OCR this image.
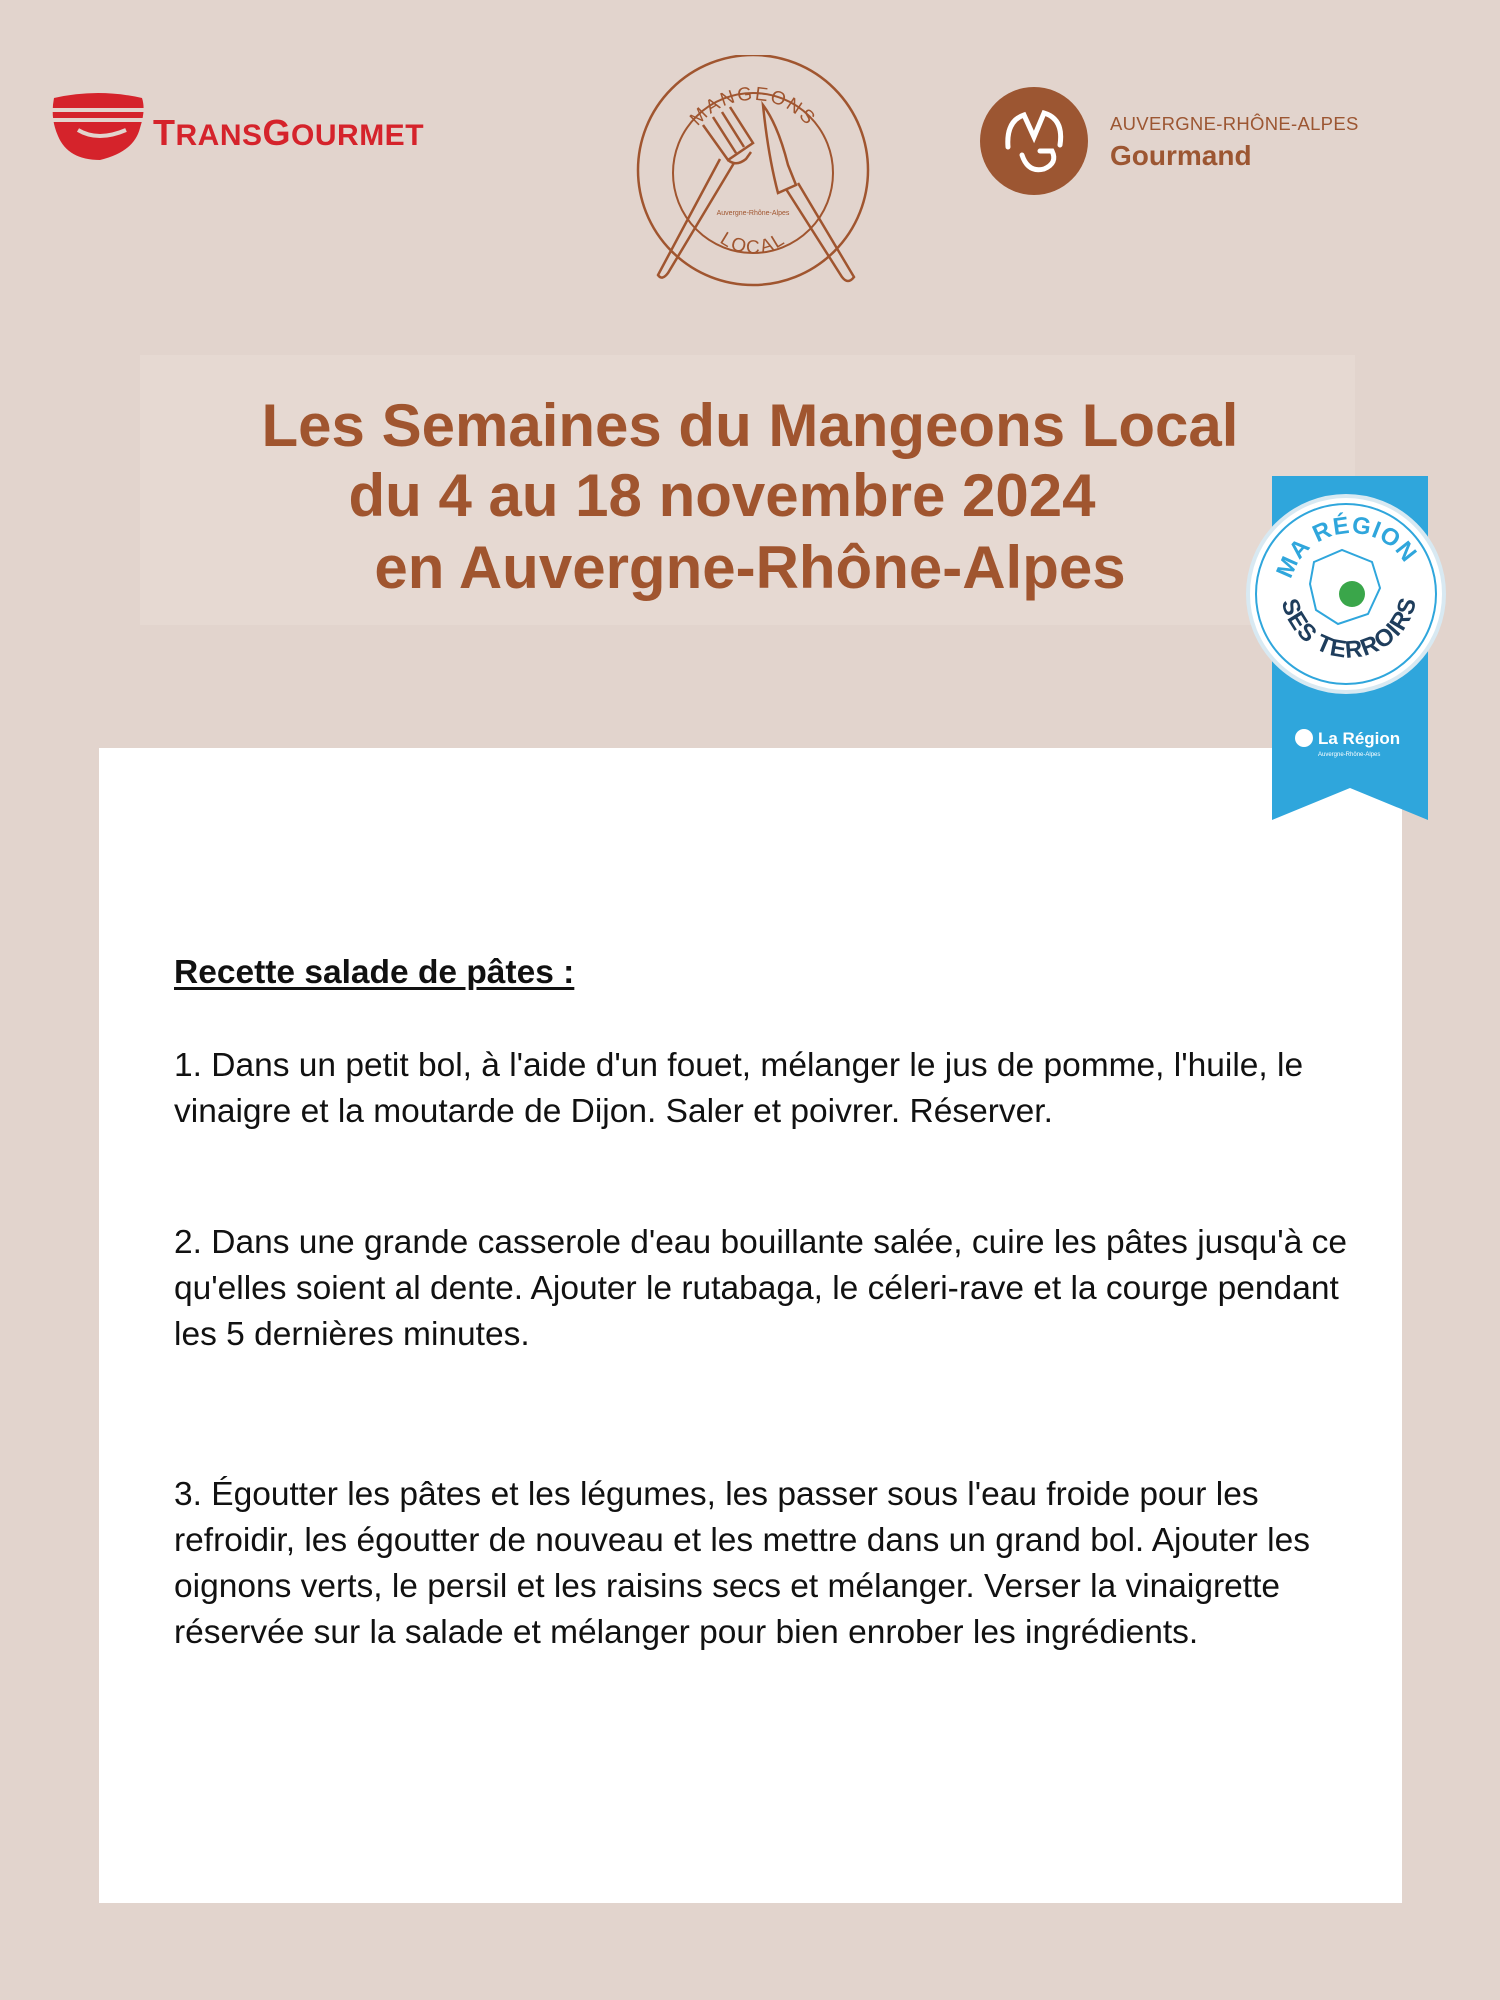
TRANSGOURMET
MANGEONS
LOCAL
Auvergne-Rhône-Alpes
AUVERGNE-RHÔNE-ALPES
Gourmand
Les Semaines du Mangeons Local
du 4 au 18 novembre 2024
en Auvergne-Rhône-Alpes	MA RÉGION
SES TERROIRS
La Région
Auvergne-Rhône-Alpes
Recette salade de pâtes :
1. Dans un petit bol, à l'aide d'un fouet, mélanger le jus de pomme, l'huile, le vinaigre et la moutarde de Dijon. Saler et poivrer. Réserver.
2. Dans une grande casserole d'eau bouillante salée, cuire les pâtes jusqu'à ce qu'elles soient al dente. Ajouter le rutabaga, le céleri-rave et la courge pendant les 5 dernières minutes.
3. Égoutter les pâtes et les légumes, les passer sous l'eau froide pour les refroidir, les égoutter de nouveau et les mettre dans un grand bol. Ajouter les oignons verts, le persil et les raisins secs et mélanger. Verser la vinaigrette réservée sur la salade et mélanger pour bien enrober les ingrédients.
